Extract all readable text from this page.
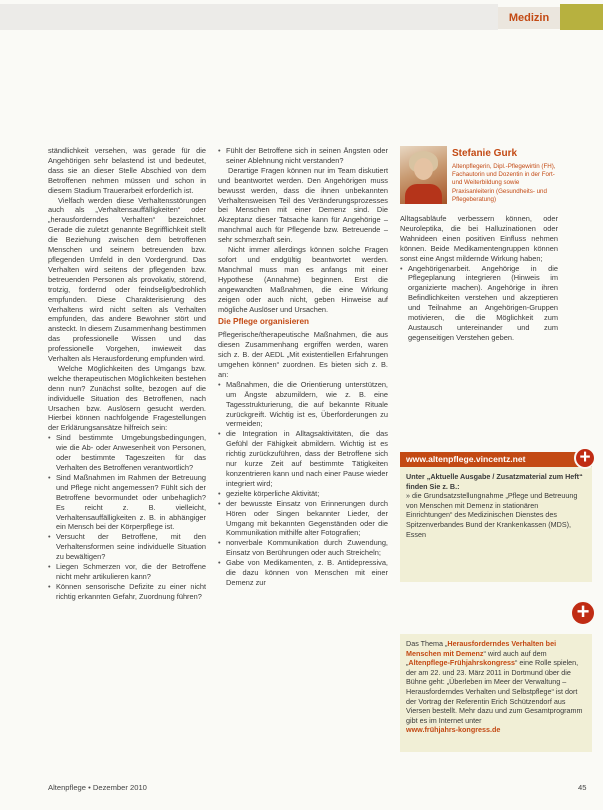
Medizin

ständlichkeit versehen, was gerade für die Angehörigen sehr belastend ist und bedeutet, dass sie an dieser Stelle Abschied von dem Betroffenen nehmen müssen und schon in diesem Stadium Trauerarbeit erforderlich ist.

Vielfach werden diese Verhaltensstörungen auch als „Verhaltensauffälligkeiten“ oder „herausforderndes Verhalten“ bezeichnet. Gerade die zuletzt genannte Begrifflichkeit stellt die Beziehung zwischen dem betroffenen Menschen und seinem betreuenden bzw. pflegenden Umfeld in den Vordergrund. Das Verhalten wird seitens der pflegenden bzw. betreuenden Personen als provokativ, störend, trotzig, fordernd oder feindselig/bedrohlich empfunden. Diese Charakterisierung des Verhaltens wird nicht selten als Verhalten empfunden, das andere Bewohner stört und ansteckt. In diesem Zusammenhang bestimmen das professionelle Wissen und das professionelle Vorgehen, inwieweit das Verhalten als Herausforderung empfunden wird.

Welche Möglichkeiten des Umgangs bzw. welche therapeutischen Möglichkeiten bestehen denn nun? Zunächst sollte, bezogen auf die individuelle Situation des Betroffenen, nach Ursachen bzw. Auslösern gesucht werden. Hierbei können nachfolgende Fragestellungen der Erklärungsansätze hilfreich sein:

• Sind bestimmte Umgebungsbedingungen, wie die Ab- oder Anwesenheit von Personen, oder bestimmte Tageszeiten für das Verhalten des Betroffenen verantwortlich?
• Sind Maßnahmen im Rahmen der Betreuung und Pflege nicht angemessen? Fühlt sich der Betroffene bevormundet oder unbehaglich? Es reicht z. B. vielleicht, Verhaltensauffälligkeiten z. B. in abhängiger ein Mensch bei der Körperpflege ist.
• Versucht der Betroffene, mit den Verhaltensformen seine individuelle Situation zu bewältigen?
• Liegen Schmerzen vor, die der Betroffene nicht mehr artikulieren kann?
• Können sensorische Defizite zu einer nicht richtig erkannten Gefahr, Zuordnung führen?
• Fühlt der Betroffene sich in seinen Ängsten oder seiner Ablehnung nicht verstanden?

Derartige Fragen können nur im Team diskutiert und beantwortet werden. Den Angehörigen muss bewusst werden, dass die ihnen unbekannten Verhaltensweisen Teil des Veränderungsprozesses bei Menschen mit einer Demenz sind. Die Akzeptanz dieser Tatsache kann für Angehörige – manchmal auch für Pflegende bzw. Betreuende – sehr schmerzhaft sein.

Nicht immer allerdings können solche Fragen sofort und endgültig beantwortet werden. Manchmal muss man es anfangs mit einer Hypothese (Annahme) beginnen. Erst die angewandten Maßnahmen, die eine Wirkung zeigen oder auch nicht, geben Hinweise auf mögliche Auslöser und Ursachen.

Die Pflege organisieren

Pflegerische/therapeutische Maßnahmen, die aus diesen Zusammenhang ergriffen werden, waren sich z. B. der AEDL „Mit existentiellen Erfahrungen umgehen können“ zuordnen. Es bieten sich z. B. an:

• Maßnahmen, die die Orientierung unterstützen, um Ängste abzumildern, wie z. B. eine Tagesstrukturierung, die auf bekannte Rituale zurückgreift. Wichtig ist es, Überforderungen zu vermeiden;
• die Integration in Alltagsaktivitäten, die das Gefühl der Fähigkeit abmildern. Wichtig ist es richtig zurückzuführen, dass der Betroffene sich nur kurze Zeit auf bestimmte Tätigkeiten konzentrieren kann und nach einer Pause wieder integriert wird;
• gezielte körperliche Aktivität;
• der bewusste Einsatz von Erinnerungen durch Hören oder Singen bekannter Lieder, der Umgang mit bekannten Gegenständen oder die Kommunikation mithilfe alter Fotografien;
• nonverbale Kommunikation durch Zuwendung, Einsatz von Berührungen oder auch Streicheln;
• Gabe von Medikamenten, z. B. Antidepressiva, die dazu können von Menschen mit einer Demenz zur
Stefanie Gurk
Altenpflegerin, Dipl.-Pflegewirtin (FH), Fachautorin und Dozentin in der Fort- und Weiterbildung sowie Praxisanleiterin (Gesundheits- und Pflegeberatung)

Alltagsabläufe verbessern können, oder Neuroleptika, die bei Halluzinationen oder Wahnideen einen positiven Einfluss nehmen können. Beide Medikamentengruppen können sonst eine Angst mildernde Wirkung haben;

• Angehörigenarbeit. Angehörige in die Pflegeplanung integrieren (Hinweis im organizierte machen). Angehörige in ihren Befindlichkeiten verstehen und akzeptieren und Teilnahme an Angehörigen-Gruppen motivieren, die die Möglichkeit zum Austausch untereinander und zum gegenseitigen Verstehen geben.
www.altenpflege.vincentz.net	+

Unter „Aktuelle Ausgabe / Zusatzmaterial zum Heft“ finden Sie z. B.:

» die Grundsatzstellungnahme „Pflege und Betreuung von Menschen mit Demenz in stationären Einrichtungen“ des Medizinischen Dienstes des Spitzenverbandes Bund der Krankenkassen (MDS), Essen

+
Das Thema „Herausforderndes Verhalten bei Menschen mit Demenz“ wird auch auf dem „Altenpflege-Frühjahrskongress“ eine Rolle spielen, der am 22. und 23. März 2011 in Dortmund über die Bühne geht: „Überleben im Meer der Verwaltung – Herausforderndes Verhalten und Selbstpflege“ ist dort der Vortrag der Referentin Erich Schützendorf aus Viersen bestellt. Mehr dazu und zum Gesamtprogramm gibt es im Internet unter
www.frühjahrs-kongress.de
Altenpflege • Dezember 2010	45
